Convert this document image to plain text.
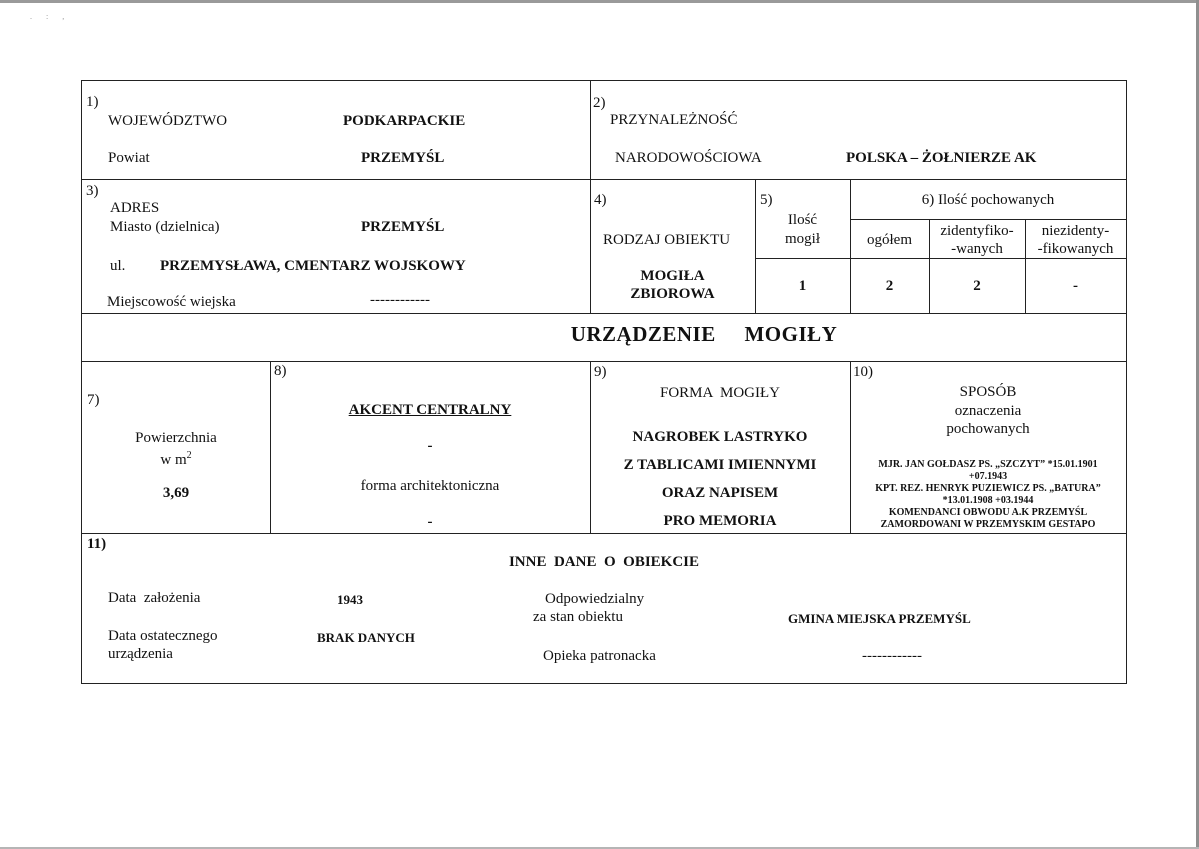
. : ,
1)
WOJEWÓDZTWO	PODKARPACKIE
Powiat	PRZEMYŚL
2)
PRZYNALEŻNOŚĆ
NARODOWOŚCIOWA	POLSKA – ŻOŁNIERZE AK
3)
ADRES
Miasto (dzielnica)	PRZEMYŚL
ul. PRZEMYSŁAWA, CMENTARZ WOJSKOWY
Miejscowość wiejska	------------
4)
RODZAJ OBIEKTU
MOGIŁA
ZBIOROWA
5)
Ilość
mogił
1
6) Ilość pochowanych
ogółem
zidentyfiko-
-wanych
niezidenty-
-fikowanych
2	2	-
URZĄDZENIE     MOGIŁY
7)
Powierzchnia
w $m^2$
3,69
8)
AKCENT CENTRALNY
-
forma architektoniczna
-
9)
FORMA  MOGIŁY
NAGROBEK LASTRYKO
Z TABLICAMI IMIENNYMI
ORAZ NAPISEM
PRO MEMORIA
10)
SPOSÓB
oznaczenia
pochowanych
MJR. JAN GOŁDASZ PS. „SZCZYT” *15.01.1901
+07.1943
KPT. REZ. HENRYK PUZIEWICZ PS. „BATURA”
*13.01.1908 +03.1944
KOMENDANCI OBWODU A.K PRZEMYŚL
ZAMORDOWANI W PRZEMYSKIM GESTAPO
11)
INNE  DANE  O  OBIEKCIE
Data  założenia	1943
Data ostatecznego
urządzenia
BRAK DANYCH
Odpowiedzialny
za stan obiektu	GMINA MIEJSKA PRZEMYŚL
Opieka patronacka	------------
